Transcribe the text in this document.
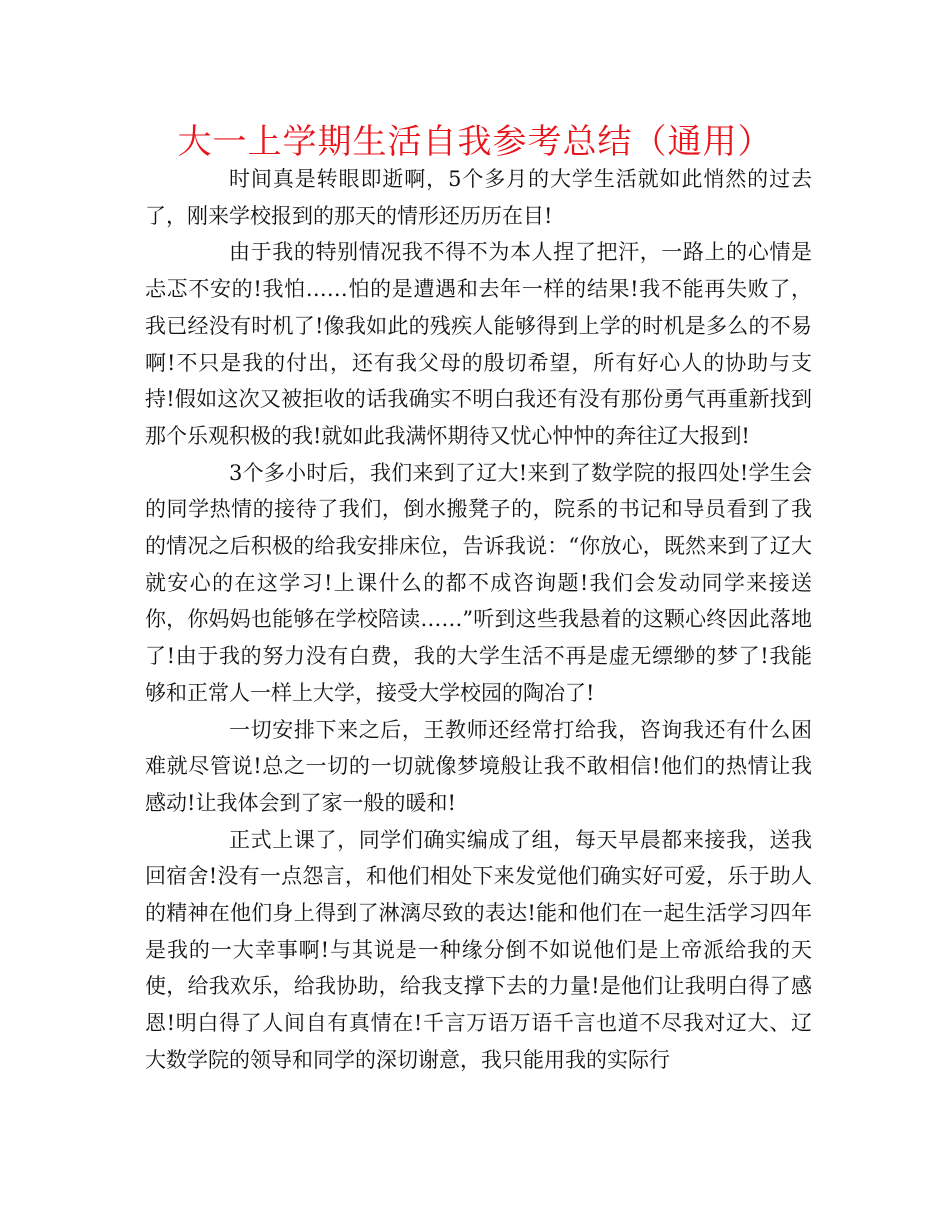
大一上学期生活自我参考总结（通用）

时间真是转眼即逝啊，5个多月的大学生活就如此悄然的过去了，刚来学校报到的那天的情形还历历在目!

由于我的特别情况我不得不为本人捏了把汗，一路上的心情是忐忑不安的!我怕……怕的是遭遇和去年一样的结果!我不能再失败了，我已经没有时机了!像我如此的残疾人能够得到上学的时机是多么的不易啊!不只是我的付出，还有我父母的殷切希望，所有好心人的协助与支持!假如这次又被拒收的话我确实不明白我还有没有那份勇气再重新找到那个乐观积极的我!就如此我满怀期待又忧心忡忡的奔往辽大报到!

3个多小时后，我们来到了辽大!来到了数学院的报四处!学生会的同学热情的接待了我们，倒水搬凳子的，院系的书记和导员看到了我的情况之后积极的给我安排床位，告诉我说：“你放心，既然来到了辽大就安心的在这学习!上课什么的都不成咨询题!我们会发动同学来接送你，你妈妈也能够在学校陪读……”听到这些我悬着的这颗心终因此落地了!由于我的努力没有白费，我的大学生活不再是虚无缥缈的梦了!我能够和正常人一样上大学，接受大学校园的陶冶了!

一切安排下来之后，王教师还经常打给我，咨询我还有什么困难就尽管说!总之一切的一切就像梦境般让我不敢相信!他们的热情让我感动!让我体会到了家一般的暖和!

正式上课了，同学们确实编成了组，每天早晨都来接我，送我回宿舍!没有一点怨言，和他们相处下来发觉他们确实好可爱，乐于助人的精神在他们身上得到了淋漓尽致的表达!能和他们在一起生活学习四年是我的一大幸事啊!与其说是一种缘分倒不如说他们是上帝派给我的天使，给我欢乐，给我协助，给我支撑下去的力量!是他们让我明白得了感恩!明白得了人间自有真情在!千言万语万语千言也道不尽我对辽大、辽大数学院的领导和同学的深切谢意，我只能用我的实际行
